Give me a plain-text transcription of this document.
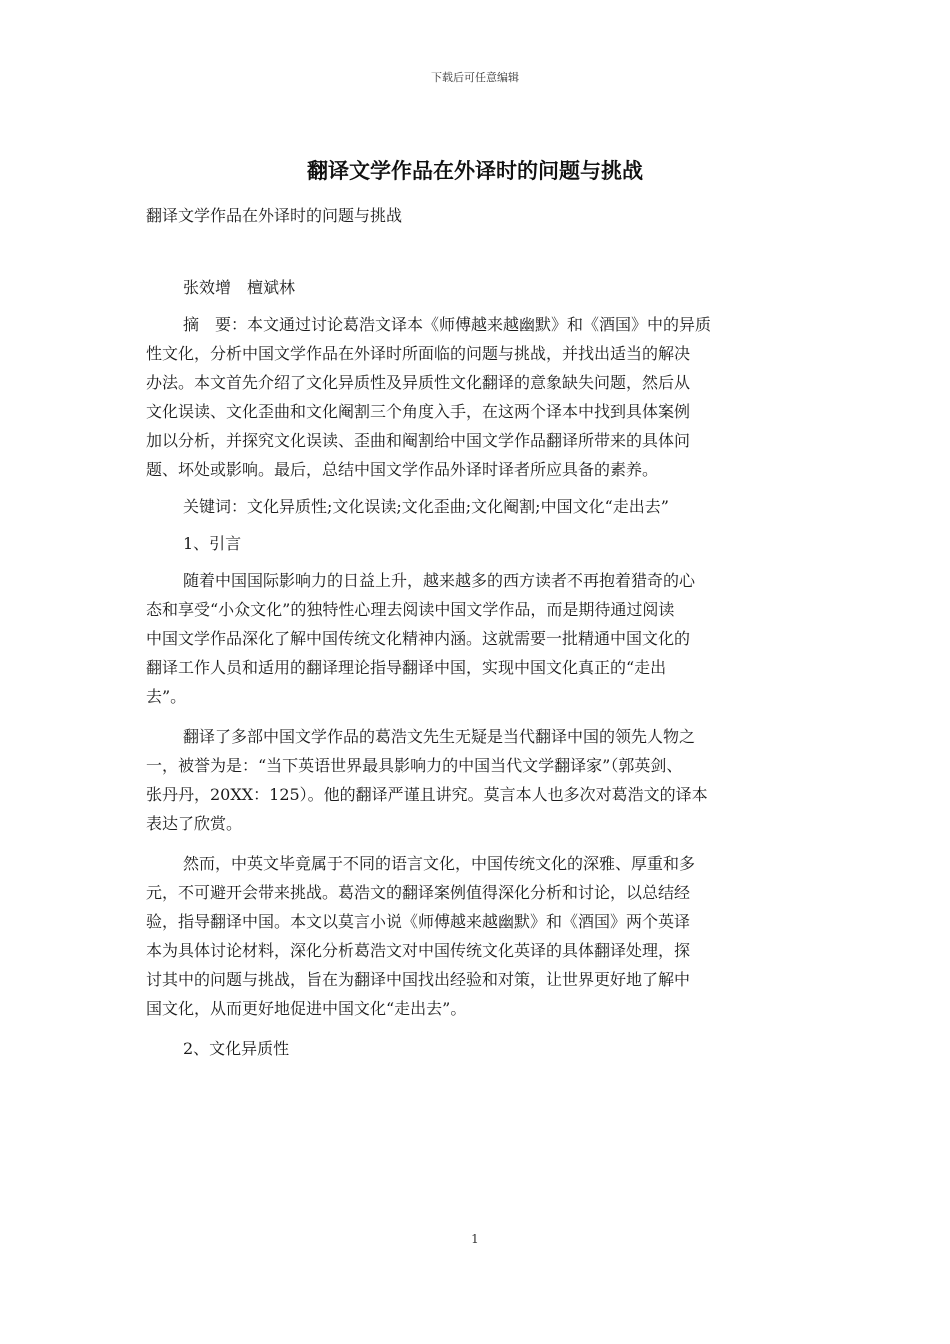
下载后可任意编辑
翻译文学作品在外译时的问题与挑战
翻译文学作品在外译时的问题与挑战
张效增　檀斌林
摘　要：本文通过讨论葛浩文译本《师傅越来越幽默》和《酒国》中的异质
性文化，分析中国文学作品在外译时所面临的问题与挑战，并找出适当的解决
办法。本文首先介绍了文化异质性及异质性文化翻译的意象缺失问题，然后从
文化误读、文化歪曲和文化阉割三个角度入手，在这两个译本中找到具体案例
加以分析，并探究文化误读、歪曲和阉割给中国文学作品翻译所带来的具体问
题、坏处或影响。最后，总结中国文学作品外译时译者所应具备的素养。
关键词：文化异质性;文化误读;文化歪曲;文化阉割;中国文化“走出去”
1、引言
随着中国国际影响力的日益上升，越来越多的西方读者不再抱着猎奇的心
态和享受“小众文化”的独特性心理去阅读中国文学作品，而是期待通过阅读
中国文学作品深化了解中国传统文化精神内涵。这就需要一批精通中国文化的
翻译工作人员和适用的翻译理论指导翻译中国，实现中国文化真正的“走出
去”。
翻译了多部中国文学作品的葛浩文先生无疑是当代翻译中国的领先人物之
一，被誉为是：“当下英语世界最具影响力的中国当代文学翻译家”（郭英剑、
张丹丹，20XX：125）。他的翻译严谨且讲究。莫言本人也多次对葛浩文的译本
表达了欣赏。
然而，中英文毕竟属于不同的语言文化，中国传统文化的深雅、厚重和多
元，不可避开会带来挑战。葛浩文的翻译案例值得深化分析和讨论，以总结经
验，指导翻译中国。本文以莫言小说《师傅越来越幽默》和《酒国》两个英译
本为具体讨论材料，深化分析葛浩文对中国传统文化英译的具体翻译处理，探
讨其中的问题与挑战，旨在为翻译中国找出经验和对策，让世界更好地了解中
国文化，从而更好地促进中国文化“走出去”。
2、文化异质性
1
